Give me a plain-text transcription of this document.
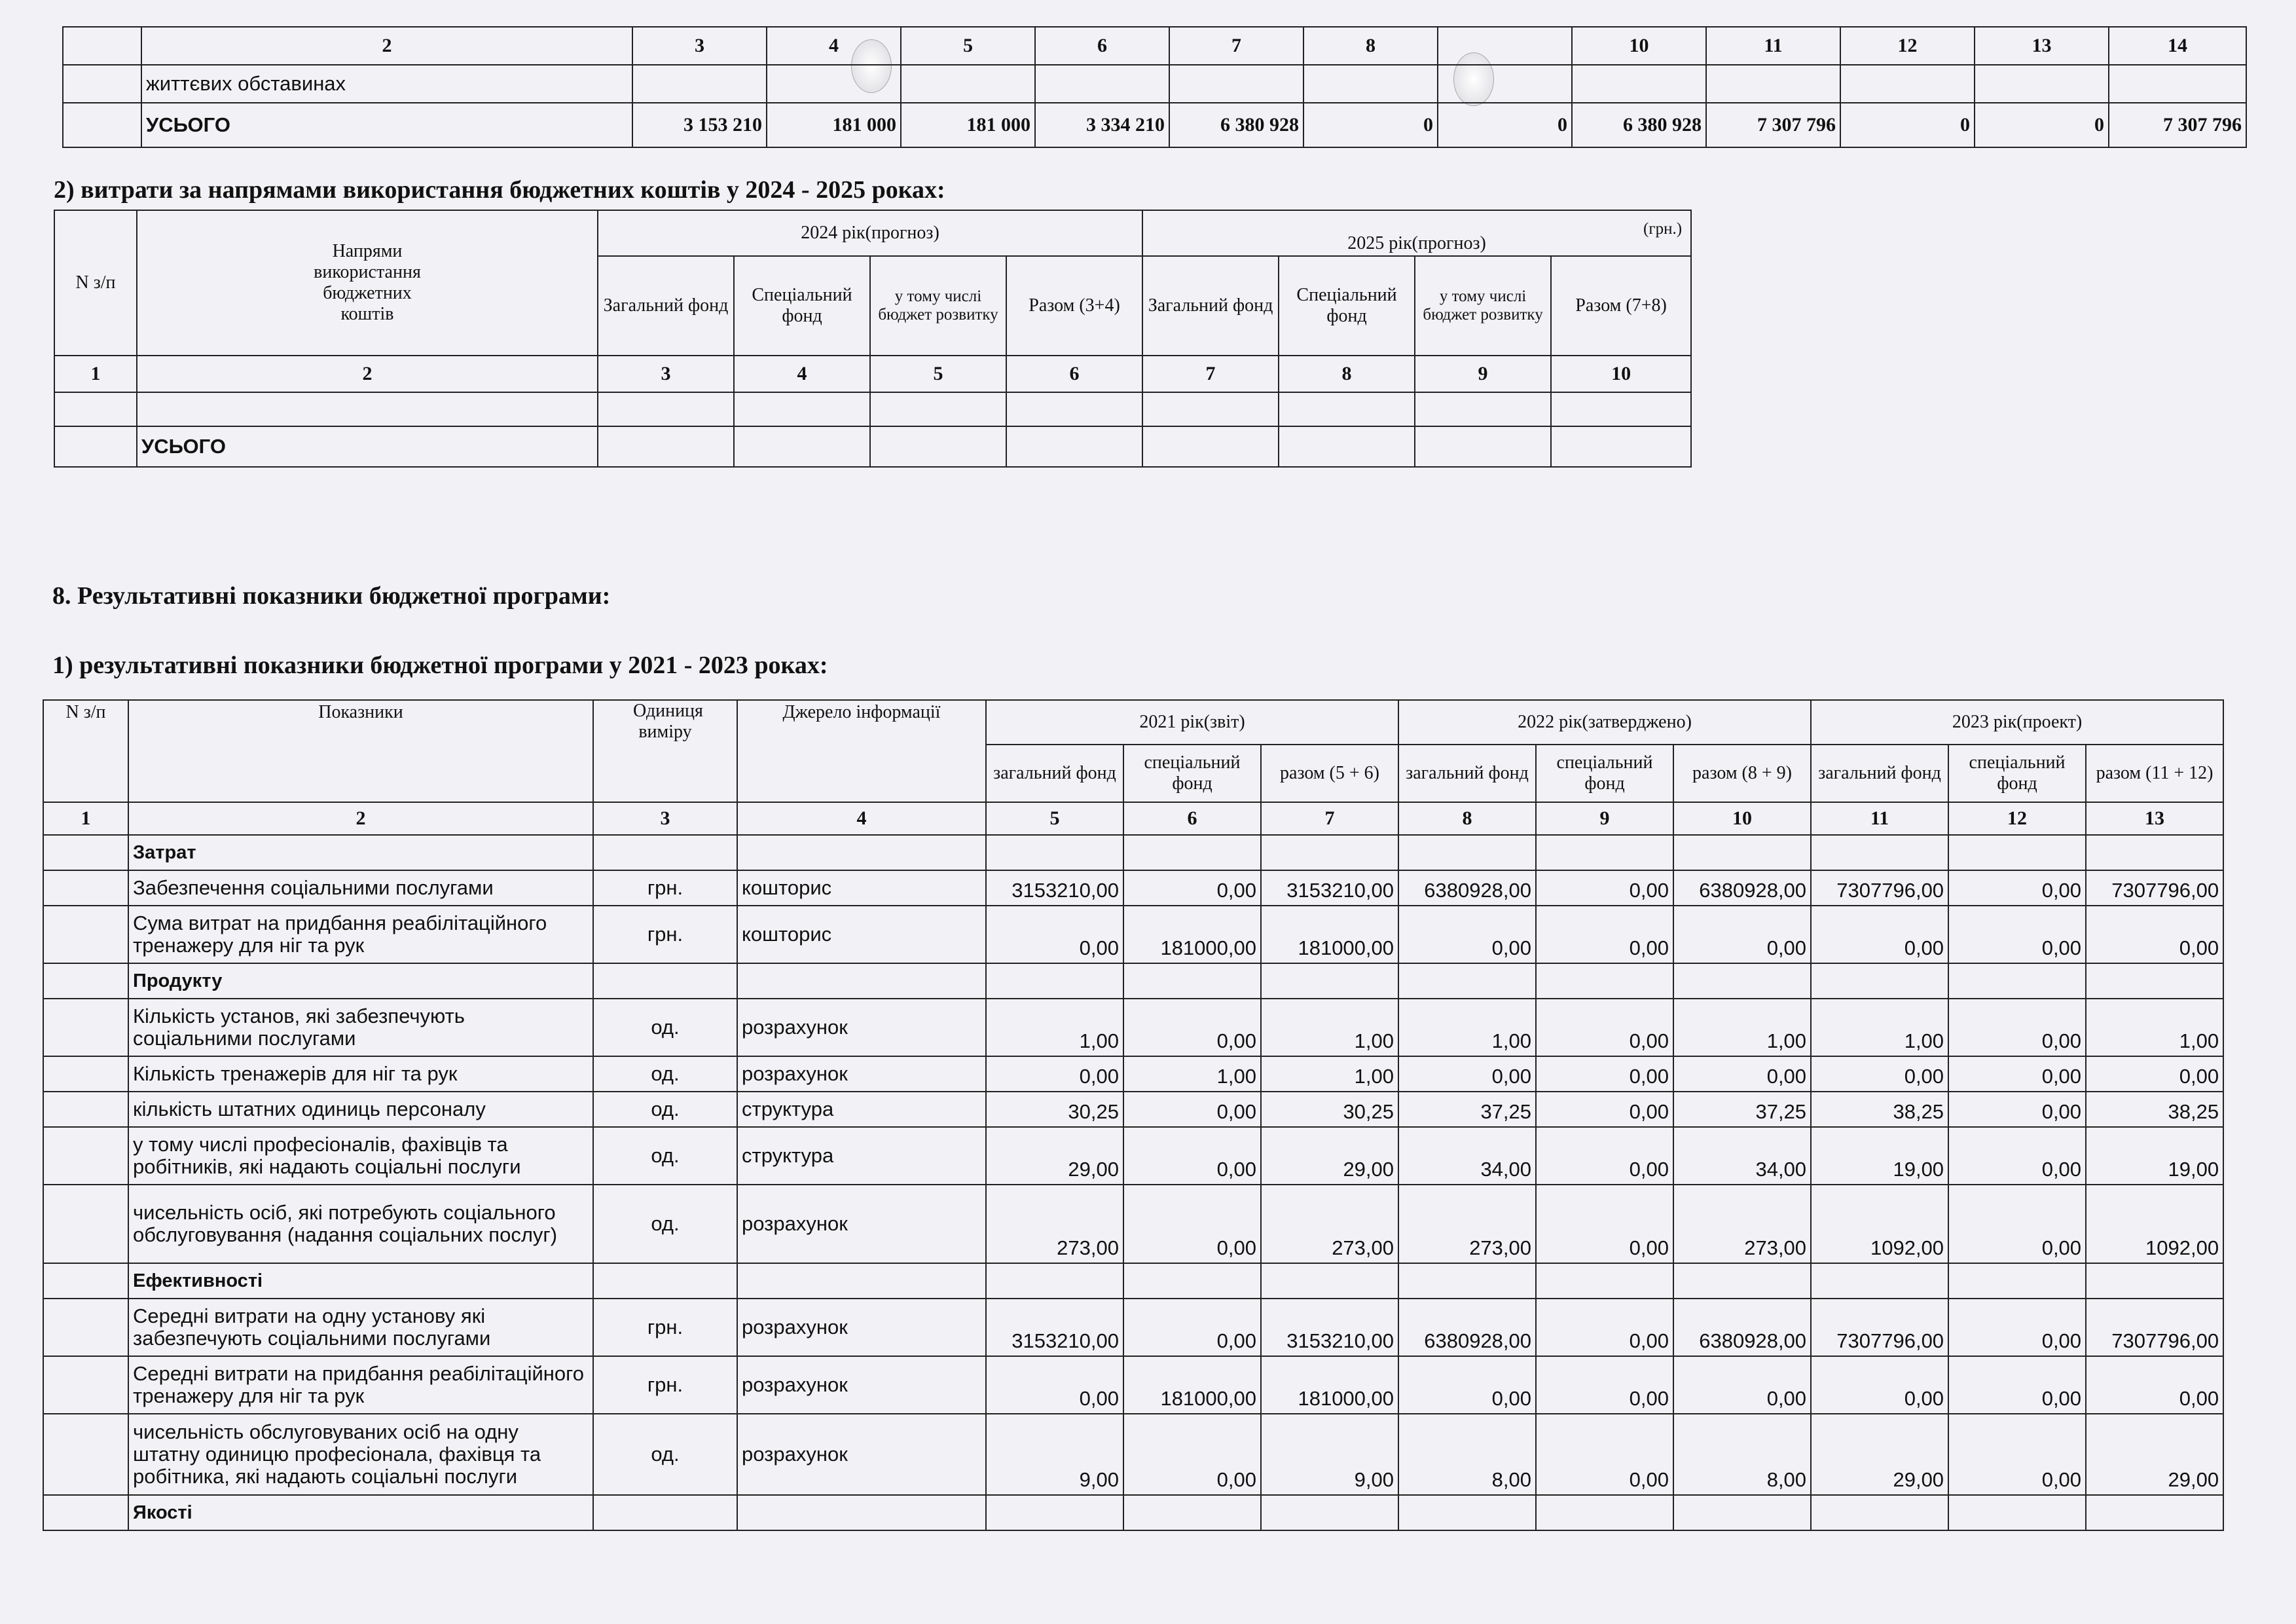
	2	3	4	5	6	7	8		10	11	12	13	14
	життєвих обставинах												
	УСЬОГО	3 153 210	181 000	181 000	3 334 210	6 380 928	0	0	6 380 928	7 307 796	0	0	7 307 796
2) витрати за напрямами використання бюджетних коштів у 2024 - 2025 роках:
(грн.)
N з/п	Напрями використання бюджетних коштів	2024 рік(прогноз)				2025 рік(прогноз)			
		Загальний фонд	Спеціальний фонд	у тому числі бюджет розвитку	Разом (3+4)	Загальний фонд	Спеціальний фонд	у тому числі бюджет розвитку	Разом (7+8)
1	2	3	4	5	6	7	8	9	10

	УСЬОГО								
8. Результативні показники бюджетної програми:
1) результативні показники бюджетної програми у 2021 - 2023 роках:
N з/п	Показники	Одиниця виміру	Джерело інформації	2021 рік(звіт)			2022 рік(затверджено)			2023 рік(проект)		
				загальний фонд	спеціальний фонд	разом (5 + 6)	загальний фонд	спеціальний фонд	разом (8 + 9)	загальний фонд	спеціальний фонд	разом (11 + 12)
1	2	3	4	5	6	7	8	9	10	11	12	13
	Затрат											
	Забезпечення соціальними послугами	грн.	кошторис	3153210,00	0,00	3153210,00	6380928,00	0,00	6380928,00	7307796,00	0,00	7307796,00
	Сума витрат на придбання реабілітаційного тренажеру для ніг та рук	грн.	кошторис	0,00	181000,00	181000,00	0,00	0,00	0,00	0,00	0,00	0,00
	Продукту											
	Кількість установ, які забезпечують соціальними послугами	од.	розрахунок	1,00	0,00	1,00	1,00	0,00	1,00	1,00	0,00	1,00
	Кількість тренажерів для ніг та рук	од.	розрахунок	0,00	1,00	1,00	0,00	0,00	0,00	0,00	0,00	0,00
	кількість штатних одиниць персоналу	од.	структура	30,25	0,00	30,25	37,25	0,00	37,25	38,25	0,00	38,25
	у тому числі професіоналів, фахівців та робітників, які надають соціальні послуги	од.	структура	29,00	0,00	29,00	34,00	0,00	34,00	19,00	0,00	19,00
	чисельність осіб, які потребують соціального обслуговування (надання соціальних послуг)	од.	розрахунок	273,00	0,00	273,00	273,00	0,00	273,00	1092,00	0,00	1092,00
	Ефективності											
	Середні витрати на одну установу які забезпечують соціальними послугами	грн.	розрахунок	3153210,00	0,00	3153210,00	6380928,00	0,00	6380928,00	7307796,00	0,00	7307796,00
	Середні витрати на придбання реабілітаційного тренажеру для ніг та рук	грн.	розрахунок	0,00	181000,00	181000,00	0,00	0,00	0,00	0,00	0,00	0,00
	чисельність обслуговуваних осіб на одну штатну одиницю професіонала, фахівця та робітника, які надають соціальні послуги	од.	розрахунок	9,00	0,00	9,00	8,00	0,00	8,00	29,00	0,00	29,00
	Якості											
